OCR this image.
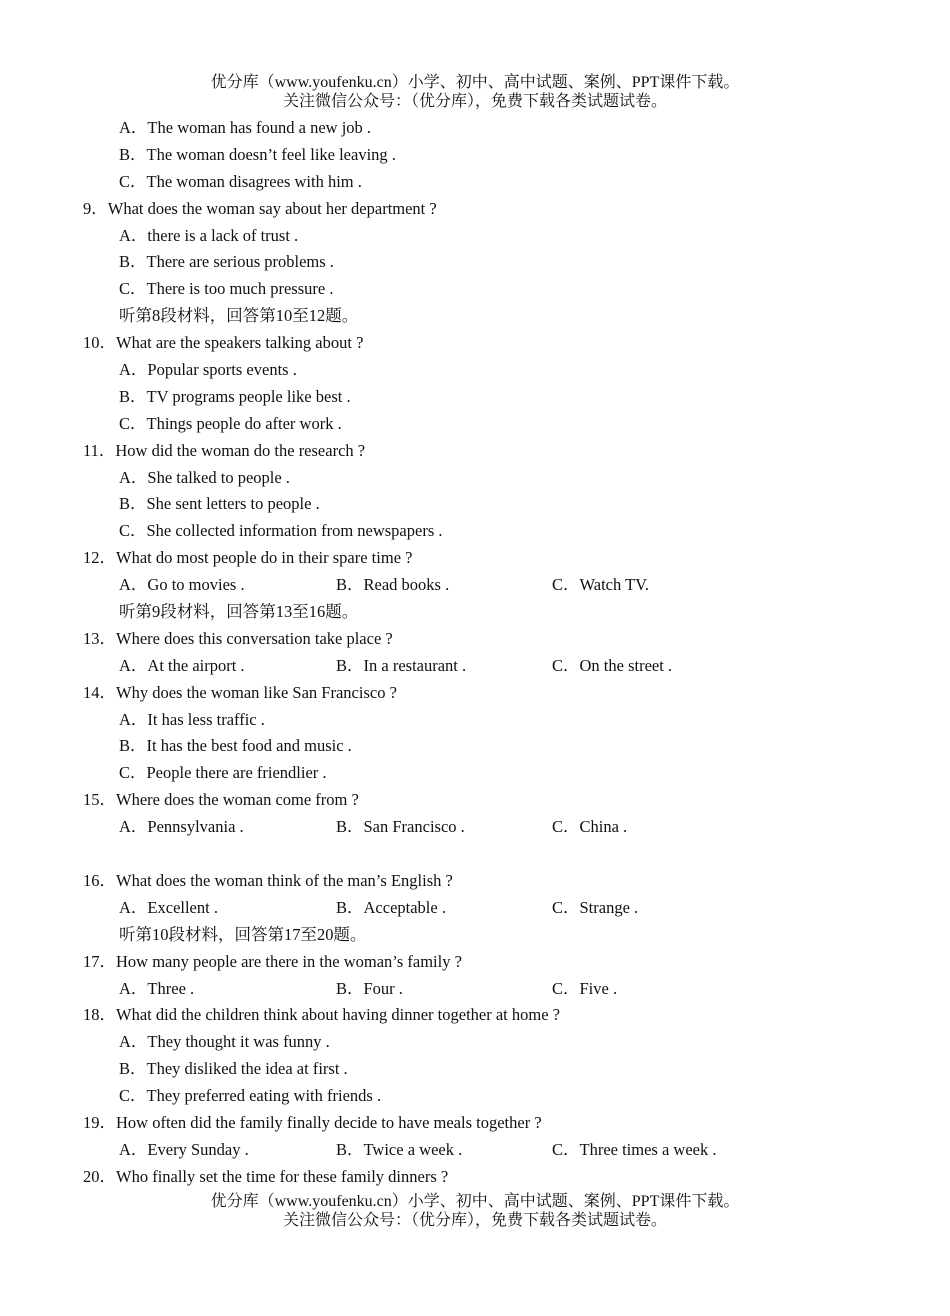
优分库（www.youfenku.cn）小学、初中、高中试题、案例、PPT课件下载。
关注微信公众号：（优分库），免费下载各类试题试卷。
A．The woman has found a new job .
B．The woman doesn’t feel like leaving .
C．The woman disagrees with him .
9．What does the woman say about her department ?
A．there is a lack of trust .
B．There are serious problems .
C．There is too much pressure .
听第8段材料，回答第10至12题。
10．What are the speakers talking about ?
A．Popular sports events .
B．TV programs people like best .
C．Things people do after work .
11．How did the woman do the research ?
A．She talked to people .
B．She sent letters to people .
C．She collected information from newspapers .
12．What do most people do in their spare time ?
A．Go to movies .	B．Read books .	C．Watch TV.
听第9段材料，回答第13至16题。
13．Where does this conversation take place ?
A．At the airport .	B．In a restaurant .	C．On the street .
14．Why does the woman like San Francisco ?
A．It has less traffic .
B．It has the best food and music .
C．People there are friendlier .
15．Where does the woman come from ?
A．Pennsylvania .	B．San Francisco .	C．China .
16．What does the woman think of the man’s English ?
A．Excellent .	B．Acceptable .	C．Strange .
听第10段材料，回答第17至20题。
17．How many people are there in the woman’s family ?
A．Three .	B．Four .	C．Five .
18．What did the children think about having dinner together at home ?
A．They thought it was funny .
B．They disliked the idea at first .
C．They preferred eating with friends .
19．How often did the family finally decide to have meals together ?
A．Every Sunday .	B．Twice a week .	C．Three times a week .
20．Who finally set the time for these family dinners ?
优分库（www.youfenku.cn）小学、初中、高中试题、案例、PPT课件下载。
关注微信公众号：（优分库），免费下载各类试题试卷。
